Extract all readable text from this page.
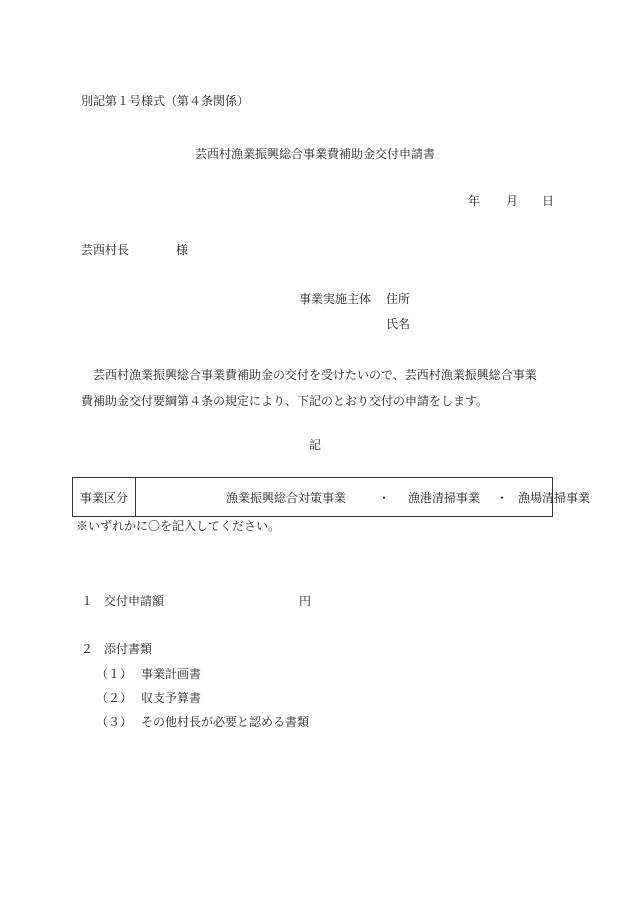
別記第１号様式（第４条関係）
芸西村漁業振興総合事業費補助金交付申請書
年 月 日
芸西村長	様
事業実施主体 住所
氏名
　芸西村漁業振興総合事業費補助金の交付を受けたいので、芸西村漁業振興総合事業
費補助金交付要綱第４条の規定により、下記のとおり交付の申請をします。
記
事業区分	漁業振興総合対策事業	・ 漁港清掃事業 ・ 漁場清掃事業
※いずれかに〇を記入してください。
１ 交付申請額	円
２ 添付書類
（１） 事業計画書
（２） 収支予算書
（３） その他村長が必要と認める書類
